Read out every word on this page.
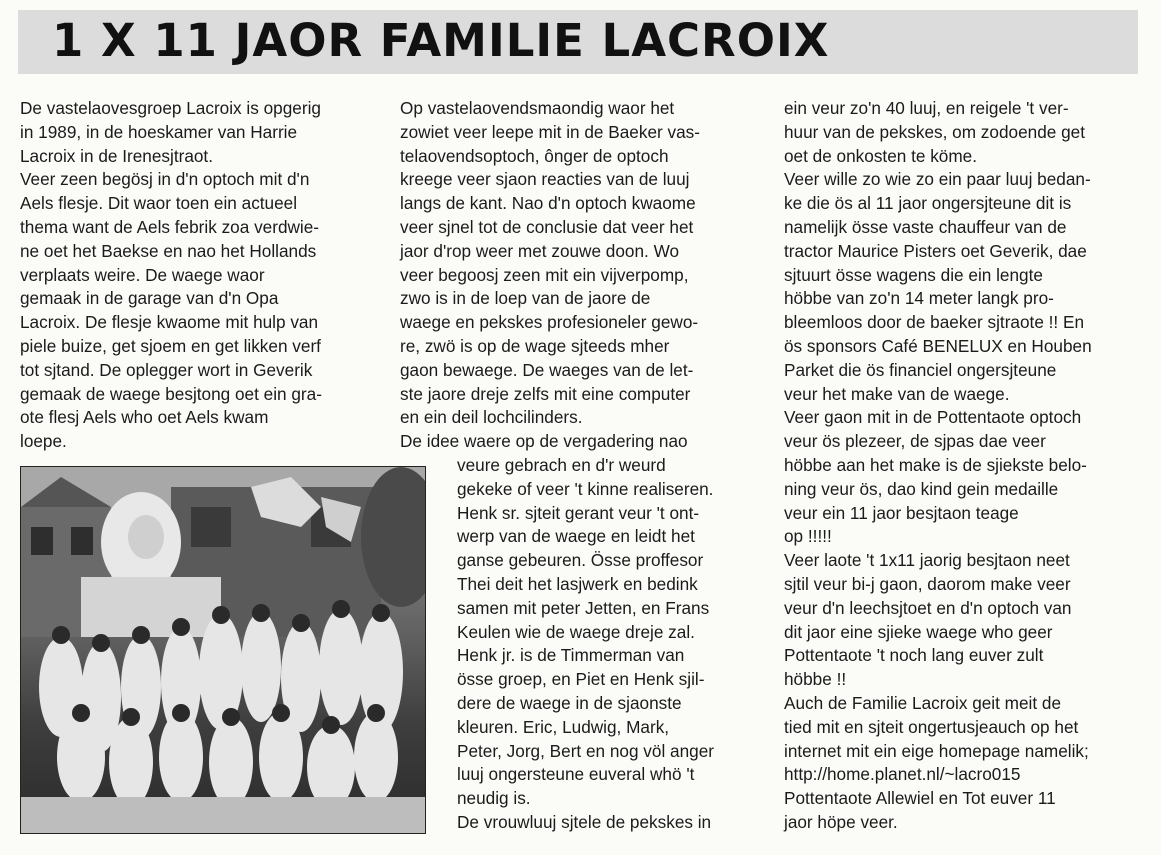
1 X 11 JAOR FAMILIE LACROIX
De vastelaovesgroep Lacroix is opgerig
in 1989, in de hoeskamer van Harrie
Lacroix in de Irenesjtraot.
Veer zeen begösj in d'n optoch mit d'n
Aels flesje. Dit waor toen ein actueel
thema want de Aels febrik zoa verdwie-
ne oet het Baekse en nao het Hollands
verplaats weire. De waege waor
gemaak in de garage van d'n Opa
Lacroix. De flesje kwaome mit hulp van
piele buize, get sjoem en get likken verf
tot sjtand. De oplegger wort in Geverik
gemaak de waege besjtong oet ein gra-
ote flesj Aels who oet Aels kwam
loepe.
Op vastelaovendsmaondig waor het
zowiet veer leepe mit in de Baeker vas-
telaovendsoptoch, ônger de optoch
kreege veer sjaon reacties van de luuj
langs de kant. Nao d'n optoch kwaome
veer sjnel tot de conclusie dat veer het
jaor d'rop weer met zouwe doon. Wo
veer begoosj zeen mit ein vijverpomp,
zwo is in de loep van de jaore de
waege en pekskes profesioneler gewo-
re, zwö is op de wage sjteeds mher
gaon bewaege. De waeges van de let-
ste jaore dreje zelfs mit eine computer
en ein deil lochcilinders.
De idee waere op de vergadering nao
veure gebrach en d'r weurd
gekeke of veer 't kinne realiseren.
Henk sr. sjteit gerant veur 't ont-
werp van de waege en leidt het
ganse gebeuren. Össe proffesor
Thei deit het lasjwerk en bedink
samen mit peter Jetten, en Frans
Keulen wie de waege dreje zal.
Henk jr. is de Timmerman van
össe groep, en Piet en Henk sjil-
dere de waege in de sjaonste
kleuren. Eric, Ludwig, Mark,
Peter, Jorg, Bert en nog völ anger
luuj ongersteune euveral whö 't
neudig is.
De vrouwluuj sjtele de pekskes in
ein veur zo'n 40 luuj, en reigele 't ver-
huur van de pekskes, om zodoende get
oet de onkosten te köme.
Veer wille zo wie zo ein paar luuj bedan-
ke die ös al 11 jaor ongersjteune dit is
namelijk össe vaste chauffeur van de
tractor Maurice Pisters oet Geverik, dae
sjtuurt össe wagens die ein lengte
höbbe van zo'n 14 meter langk pro-
bleemloos door de baeker sjtraote !! En
ös sponsors Café BENELUX en Houben
Parket die ös financiel ongersjteune
veur het make van de waege.
Veer gaon mit in de Pottentaote optoch
veur ös plezeer, de sjpas dae veer
höbbe aan het make is de sjiekste belo-
ning veur ös, dao kind gein medaille
veur ein 11 jaor besjtaon teage
op !!!!!
Veer laote 't 1x11 jaorig besjtaon neet
sjtil veur bi-j gaon, daorom make veer
veur d'n leechsjtoet en d'n optoch van
dit jaor eine sjieke waege who geer
Pottentaote 't noch lang euver zult
höbbe !!
Auch de Familie Lacroix geit meit de
tied mit en sjteit ongertusjeauch op het
internet mit ein eige homepage namelik;
http://home.planet.nl/~lacro015
Pottentaote Allewiel en Tot euver 11
jaor höpe veer.
